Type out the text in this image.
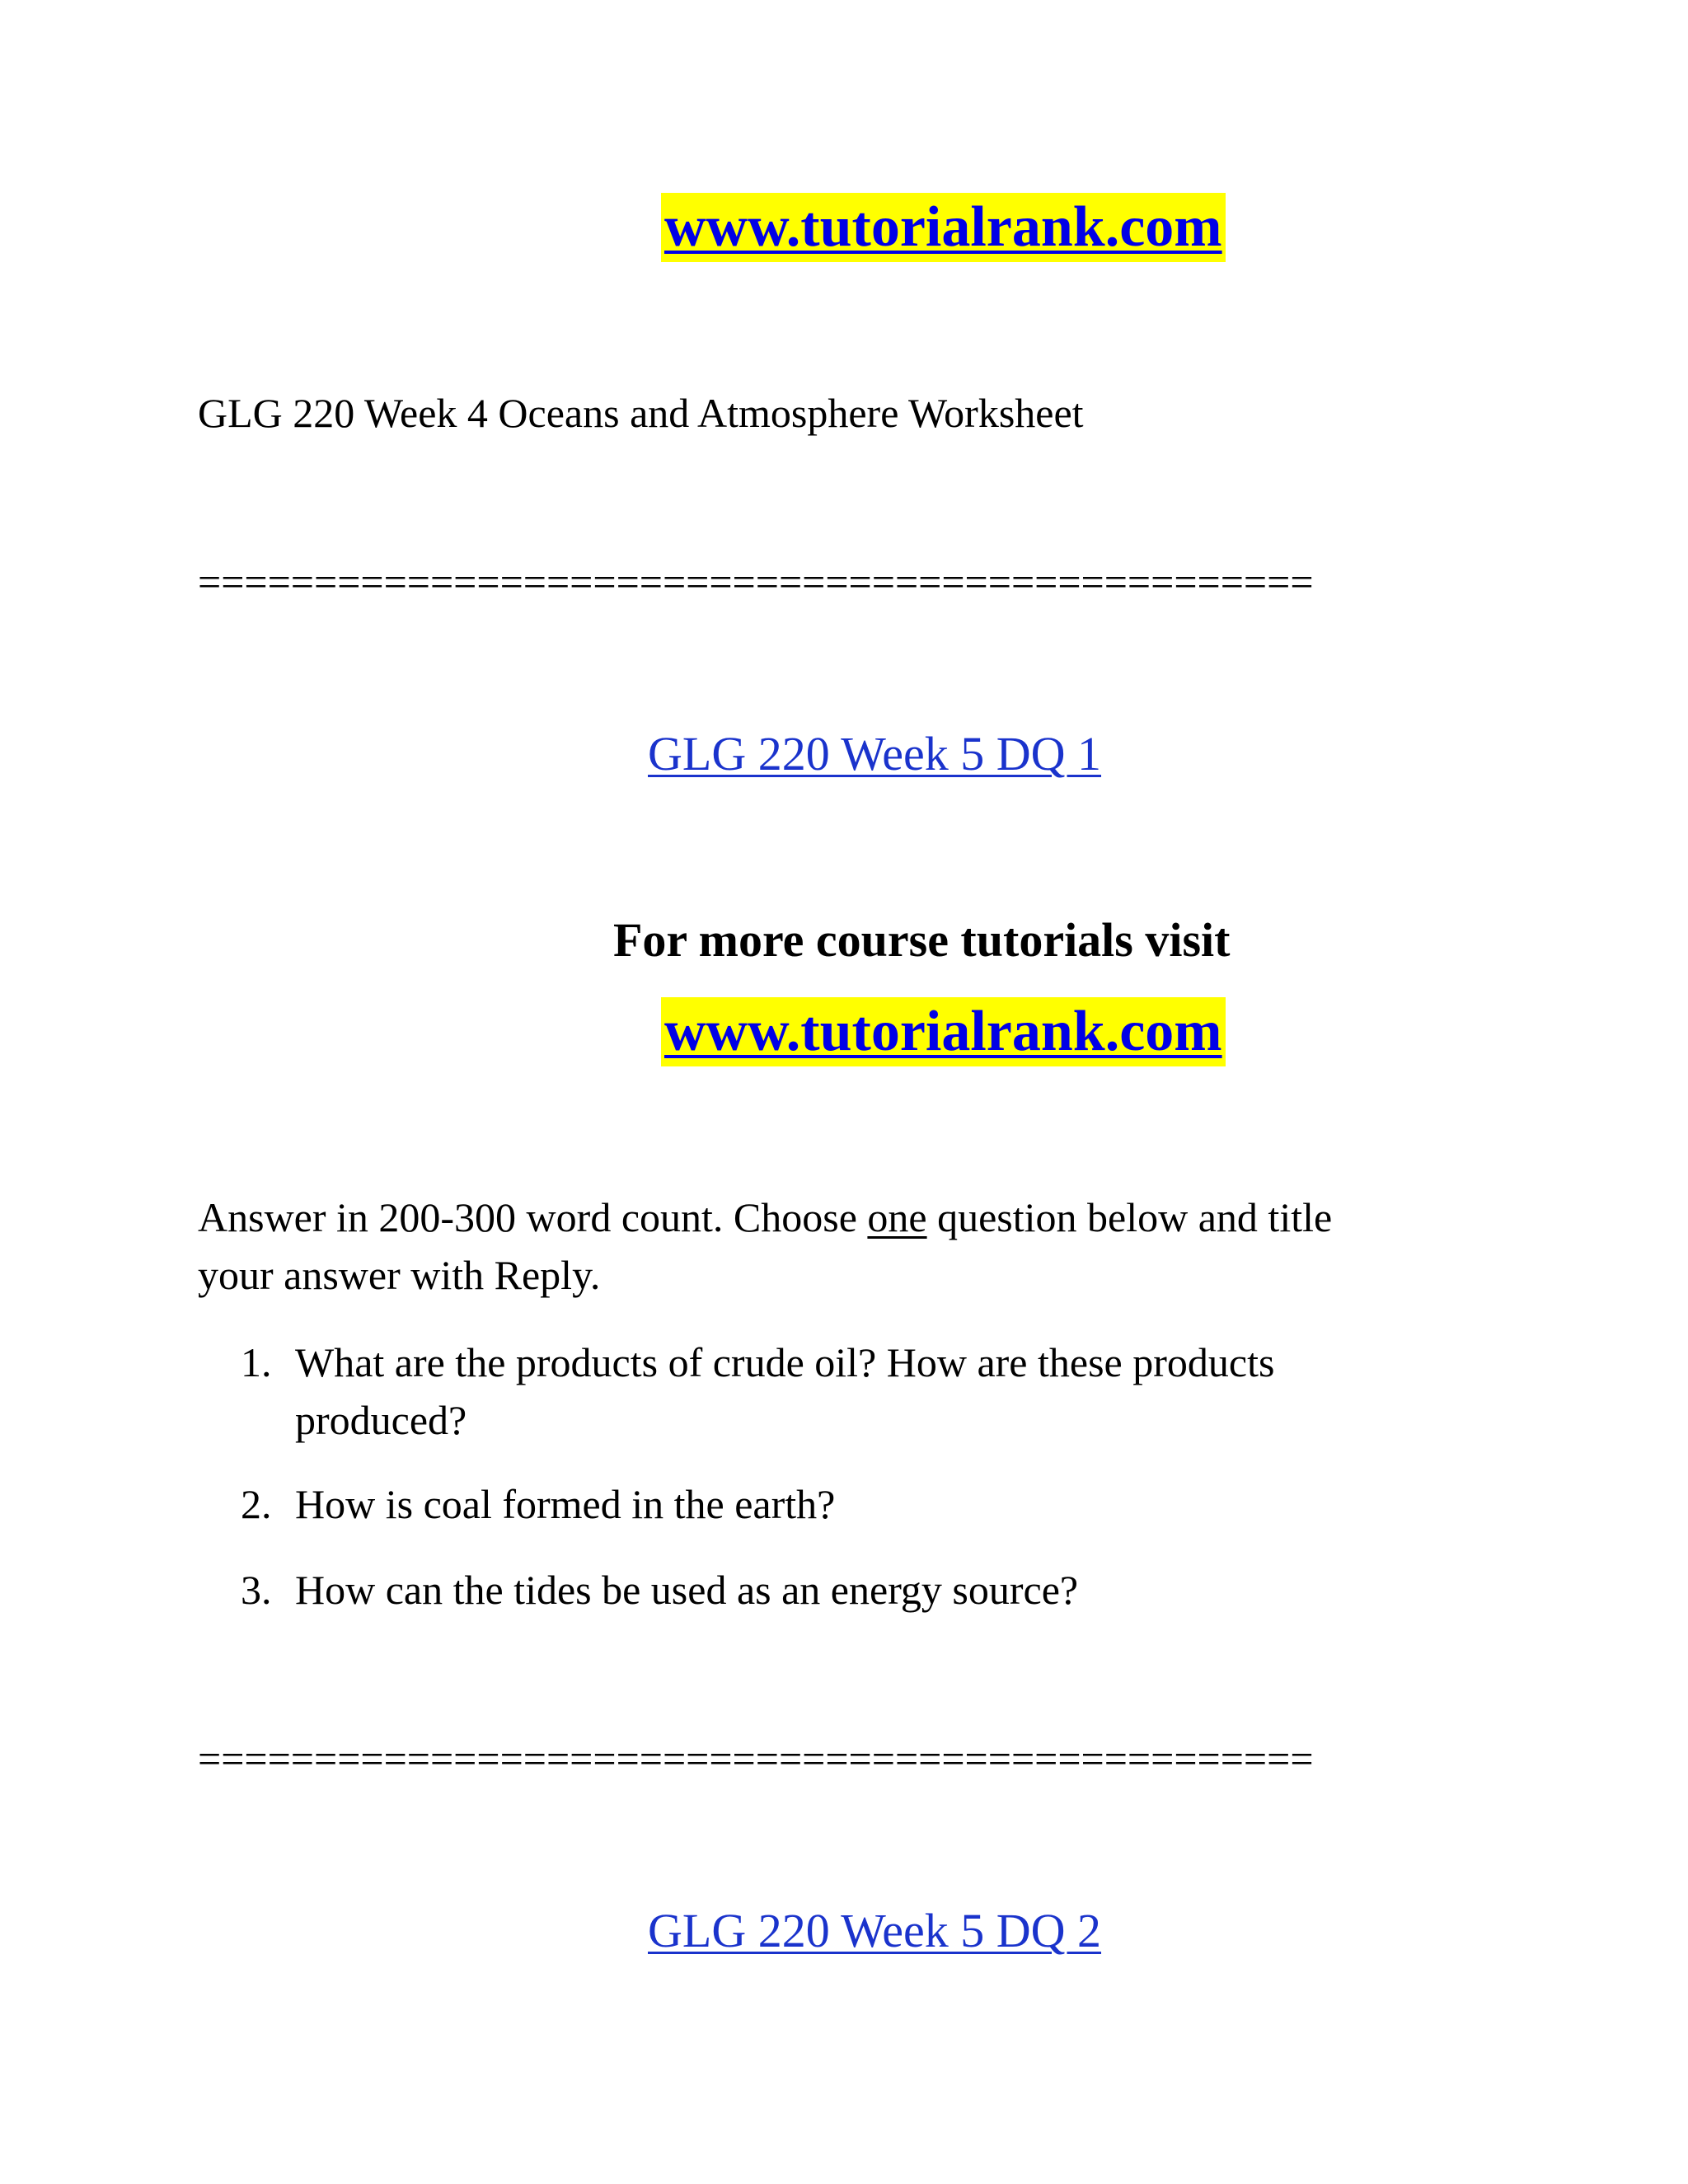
www.tutorialrank.com
GLG 220 Week 4 Oceans and Atmosphere Worksheet
================================================
GLG 220 Week 5 DQ 1
For more course tutorials visit
www.tutorialrank.com
Answer in 200-300 word count. Choose one question below and title
your answer with Reply.
1. What are the products of crude oil? How are these products
produced?
2. How is coal formed in the earth?
3. How can the tides be used as an energy source?
================================================
GLG 220 Week 5 DQ 2
